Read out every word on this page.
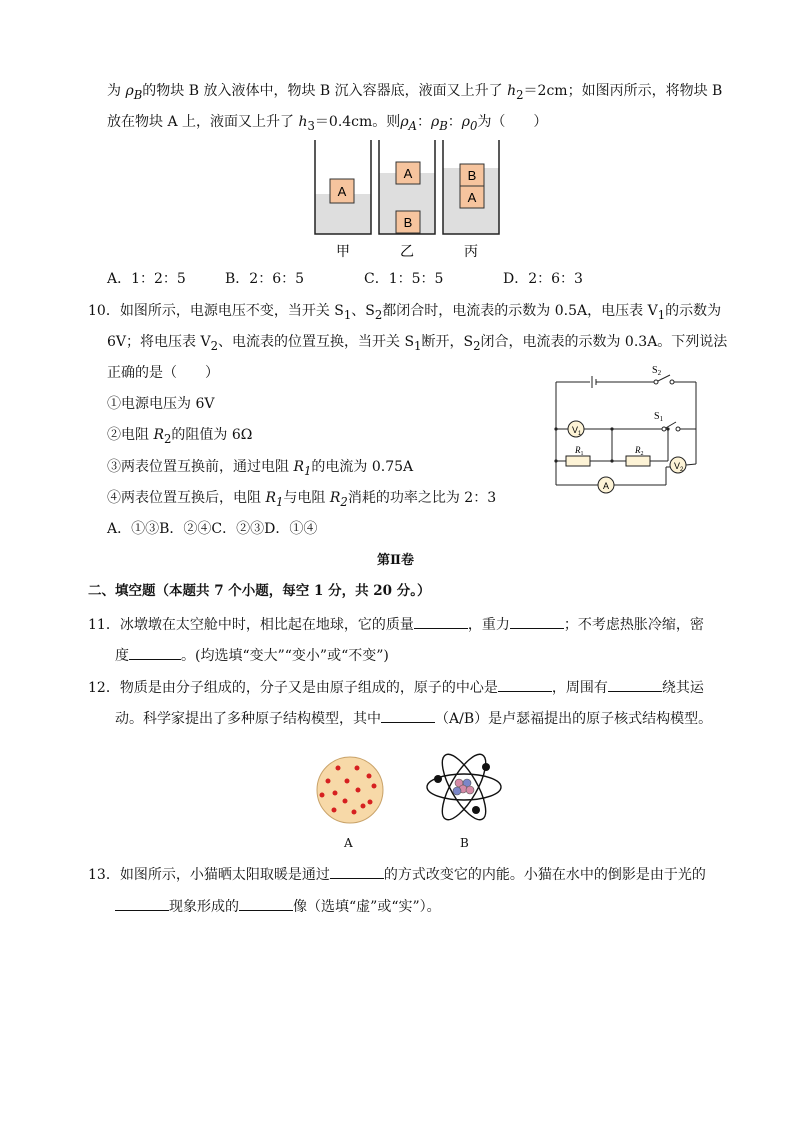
为 $\rho_B$的物块 B 放入液体中，物块 B 沉入容器底，液面又上升了 $h_2=2cm$；如图丙所示，将物块 B
放在物块 A 上，液面又上升了 $h_3=0.4cm$。则$\rho_A$：$\rho_B$：$\rho_0$为（　　）
A
A
B
B
A
甲	乙	丙
A．1：2：5	B．2：6：5	C．1：5：5	D．2：6：3
10．如图所示，电源电压不变，当开关 $S_1$、$S_2$都闭合时，电流表的示数为 0.5A，电压表 $V_1$的示数为
6V；将电压表 $V_2$、电流表的位置互换，当开关 $S_1$断开，$S_2$闭合，电流表的示数为 0.3A。下列说法
正确的是（　　）
①电源电压为 6V
②电阻 $R_2$的阻值为 6Ω
③两表位置互换前，通过电阻 $R_1$的电流为 0.75A
④两表位置互换后，电阻 $R_1$与电阻 $R_2$消耗的功率之比为 2：3
A．①③B．②④C．②③D．①④
$S_2$
$S_1$
$V_1$
$V_2$
A
$R_1$	$R_2$
第Ⅱ卷
二、填空题（本题共 7 个小题，每空 1 分，共 20 分。）
11．冰墩墩在太空舱中时，相比起在地球，它的质量	，重力	；不考虑热胀冷缩，密
度	。(均选填“变大”“变小”或“不变”)
12．物质是由分子组成的，分子又是由原子组成的，原子的中心是	，周围有	绕其运
动。科学家提出了多种原子结构模型，其中	（A/B）是卢瑟福提出的原子核式结构模型。
A	B
13．如图所示，小猫晒太阳取暖是通过	的方式改变它的内能。小猫在水中的倒影是由于光的
现象形成的	像（选填“虚”或“实”）。
